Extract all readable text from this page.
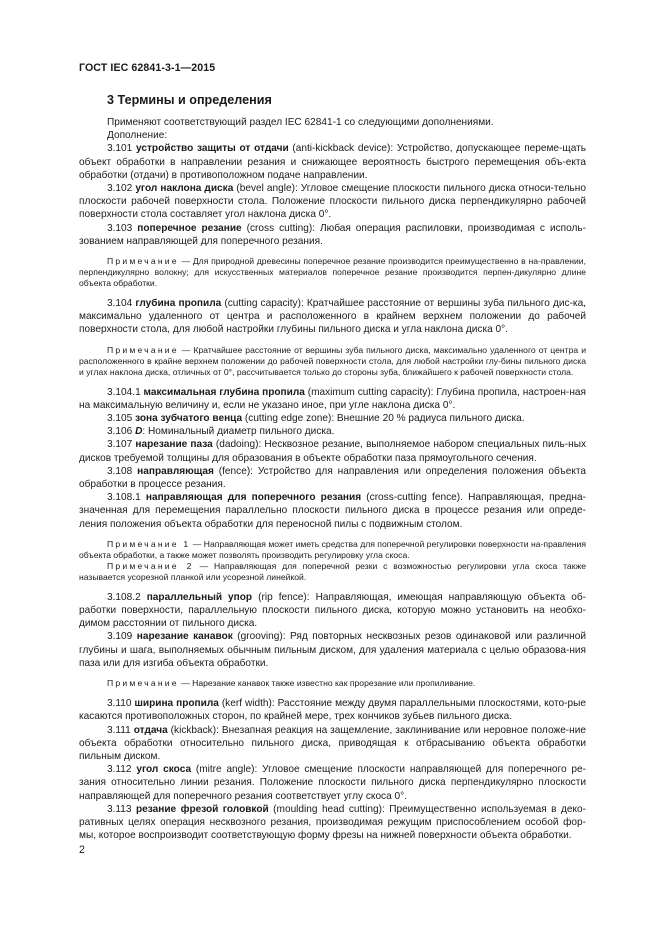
ГОСТ IEC 62841-3-1—2015
3 Термины и определения

Применяют соответствующий раздел IEC 62841-1 со следующими дополнениями.

Дополнение:

3.101 устройство защиты от отдачи (anti-kickback device): Устройство, допускающее переме-щать объект обработки в направлении резания и снижающее вероятность быстрого перемещения объ-екта обработки (отдачи) в противоположном подаче направлении.

3.102 угол наклона диска (bevel angle): Угловое смещение плоскости пильного диска относи-тельно плоскости рабочей поверхности стола. Положение плоскости пильного диска перпендикулярно рабочей поверхности стола составляет угол наклона диска 0°.

3.103 поперечное резание (cross cutting): Любая операция распиловки, производимая с исполь-зованием направляющей для поперечного резания.

Примечание — Для природной древесины поперечное резание производится преимущественно в на-правлении, перпендикулярно волокну; для искусственных материалов поперечное резание производится перпен-дикулярно длине объекта обработки.

3.104 глубина пропила (cutting capacity): Кратчайшее расстояние от вершины зуба пильного дис-ка, максимально удаленного от центра и расположенного в крайнем верхнем положении до рабочей поверхности стола, для любой настройки глубины пильного диска и угла наклона диска 0°.

Примечание — Кратчайшее расстояние от вершины зуба пильного диска, максимально удаленного от центра и расположенного в крайне верхнем положении до рабочей поверхности стола, для любой настройки глу-бины пильного диска и углах наклона диска, отличных от 0°, рассчитывается только до стороны зуба, ближайшего к рабочей поверхности стола.

3.104.1 максимальная глубина пропила (maximum cutting capacity): Глубина пропила, настроен-ная на максимальную величину и, если не указано иное, при угле наклона диска 0°.

3.105 зона зубчатого венца (cutting edge zone): Внешние 20 % радиуса пильного диска.

3.106 D: Номинальный диаметр пильного диска.

3.107 нарезание паза (dadoing): Несквозное резание, выполняемое набором специальных пиль-ных дисков требуемой толщины для образования в объекте обработки паза прямоугольного сечения.

3.108 направляющая (fence): Устройство для направления или определения положения объекта обработки в процессе резания.

3.108.1 направляющая для поперечного резания (cross-cutting fence). Направляющая, предна-значенная для перемещения параллельно плоскости пильного диска в процессе резания или опреде-ления положения объекта обработки для переносной пилы с подвижным столом.

Примечание 1 — Направляющая может иметь средства для поперечной регулировки поверхности на-правления объекта обработки, а также может позволять производить регулировку угла скоса.

Примечание 2 — Направляющая для поперечной резки с возможностью регулировки угла скоса также называется усорезной планкой или усорезной линейкой.

3.108.2 параллельный упор (rip fence): Направляющая, имеющая направляющую объекта об-работки поверхности, параллельную плоскости пильного диска, которую можно установить на необхо-димом расстоянии от пильного диска.

3.109 нарезание канавок (grooving): Ряд повторных несквозных резов одинаковой или различной глубины и шага, выполняемых обычным пильным диском, для удаления материала с целью образова-ния паза или для изгиба объекта обработки.

Примечание — Нарезание канавок также известно как прорезание или пропиливание.

3.110 ширина пропила (kerf width): Расстояние между двумя параллельными плоскостями, кото-рые касаются противоположных сторон, по крайней мере, трех кончиков зубьев пильного диска.

3.111 отдача (kickback): Внезапная реакция на защемление, заклинивание или неровное положе-ние объекта обработки относительно пильного диска, приводящая к отбрасыванию объекта обработки пильным диском.

3.112 угол скоса (mitre angle): Угловое смещение плоскости направляющей для поперечного ре-зания относительно линии резания. Положение плоскости пильного диска перпендикулярно плоскости направляющей для поперечного резания соответствует углу скоса 0°.

3.113 резание фрезой головкой (moulding head cutting): Преимущественно используемая в деко-ративных целях операция несквозного резания, производимая режущим приспособлением особой фор-мы, которое воспроизводит соответствующую форму фрезы на нижней поверхности объекта обработки.

2
